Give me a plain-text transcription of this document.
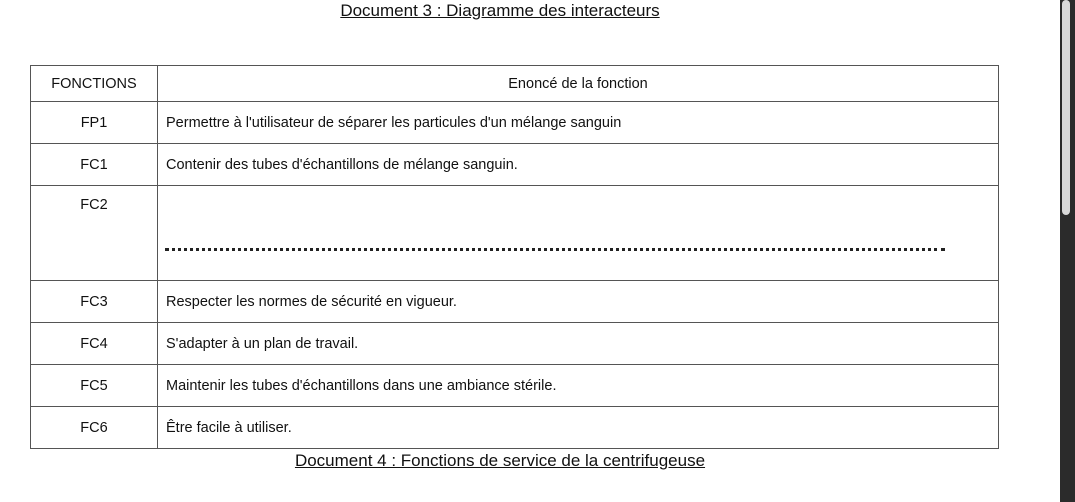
Document 3 : Diagramme des interacteurs
FONCTIONS	Enoncé de la fonction
FP1	Permettre à l'utilisateur de séparer les particules d'un mélange sanguin
FC1	Contenir des tubes d'échantillons de mélange sanguin.
FC2	

FC3	Respecter les normes de sécurité en vigueur.
FC4	S'adapter à un plan de travail.
FC5	Maintenir les tubes d'échantillons dans une ambiance stérile.
FC6	Être facile à utiliser.
Document 4 : Fonctions de service de la centrifugeuse
